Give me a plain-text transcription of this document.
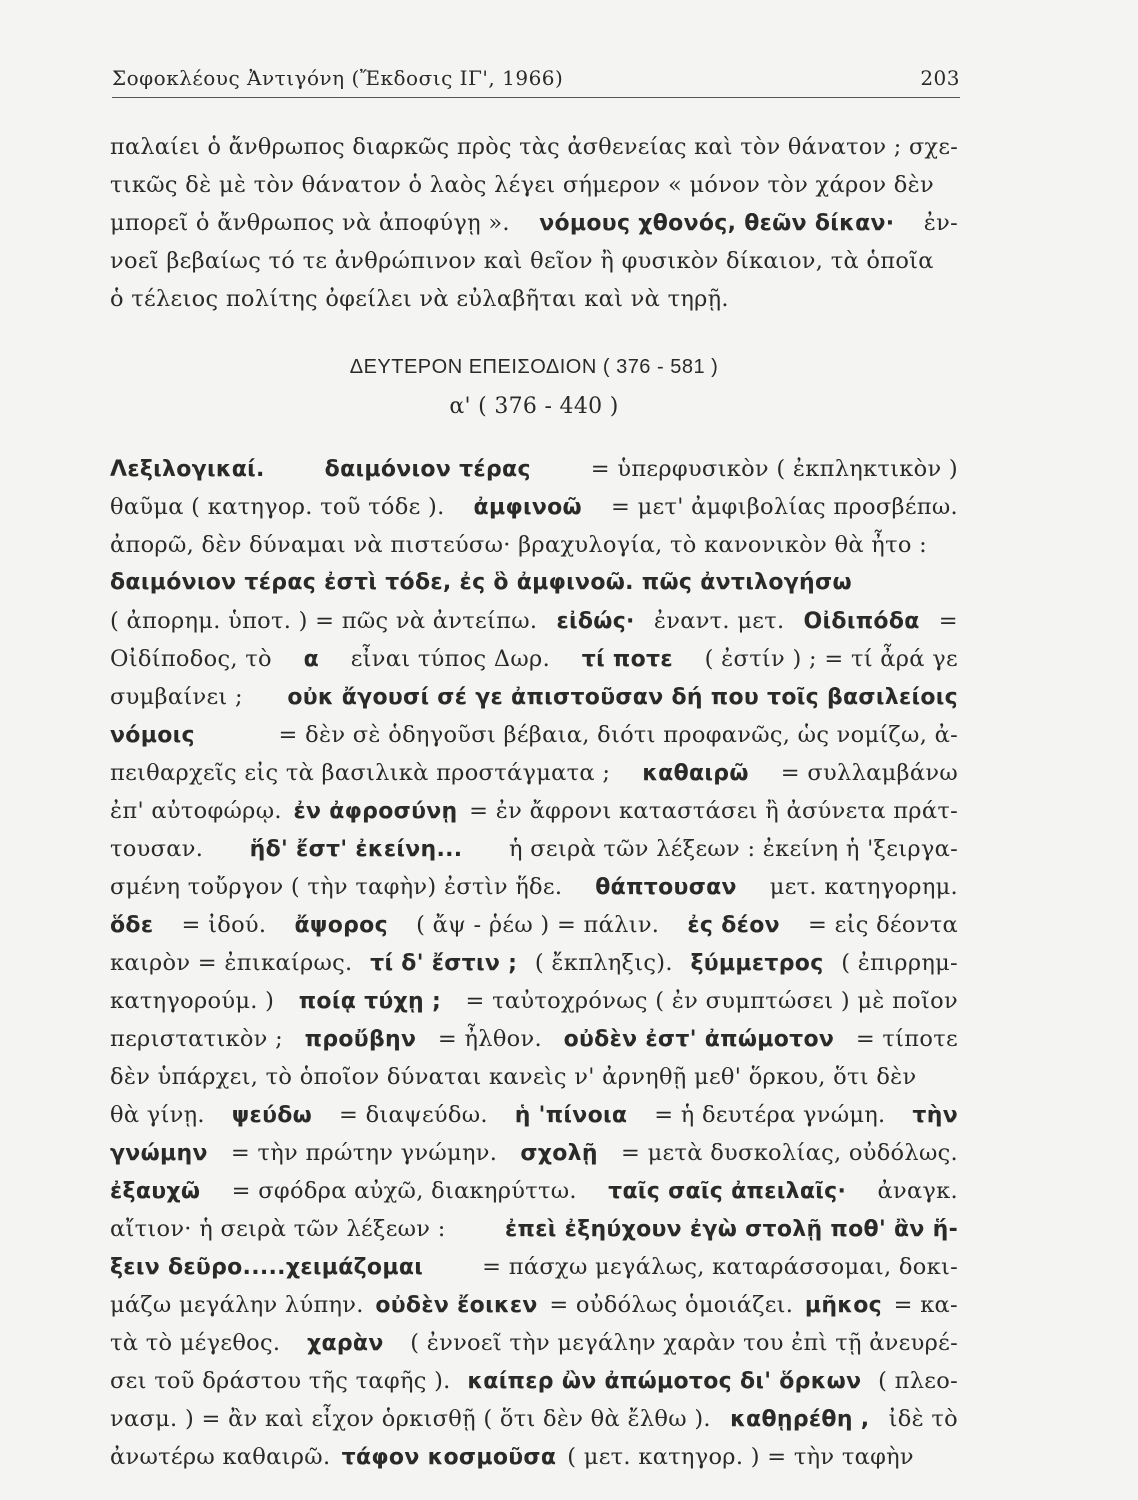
Σοφοκλέους Ἀντιγόνη (Ἔκδοσις ΙΓ', 1966)	203
παλαίει ὁ ἄνθρωπος διαρκῶς πρὸς τὰς ἀσθενείας καὶ τὸν θάνατον ; σχε-
τικῶς δὲ μὲ τὸν θάνατον ὁ λαὸς λέγει σήμερον « μόνον τὸν χάρον δὲν
μπορεῖ ὁ ἄνθρωπος νὰ ἀποφύγῃ ». νόμους χθονός, θεῶν δίκαν· ἐν-
νοεῖ βεβαίως τό τε ἀνθρώπινον καὶ θεῖον ἢ φυσικὸν δίκαιον, τὰ ὁποῖα
ὁ τέλειος πολίτης ὀφείλει νὰ εὐλαβῆται καὶ νὰ τηρῇ.
ΔΕΥΤΕΡΟΝ ΕΠΕΙΣΟΔΙΟΝ ( 376 - 581 )
α' ( 376 - 440 )
Λεξιλογικαί.	δαιμόνιον τέρας	= ὑπερφυσικὸν ( ἐκπληκτικὸν )
θαῦμα ( κατηγορ. τοῦ τόδε ). ἀμφινοῶ = μετ' ἀμφιβολίας προσβέπω.
ἀπορῶ, δὲν δύναμαι νὰ πιστεύσω· βραχυλογία, τὸ κανονικὸν θὰ ἦτο :
δαιμόνιον τέρας ἐστὶ τόδε, ἐς ὃ ἀμφινοῶ. πῶς ἀντιλογήσω
( ἀπορημ. ὑποτ. ) = πῶς νὰ ἀντείπω. εἰδώς· ἐναντ. μετ. Οἰδιπόδα =
Οἰδίποδος, τὸ α εἶναι τύπος Δωρ. τί ποτε ( ἐστίν ) ; = τί ἆρά γε
συμβαίνει ; οὐκ ἄγουσί σέ γε ἀπιστοῦσαν δή που τοῖς βασιλείοις
νόμοις	= δὲν σὲ ὁδηγοῦσι βέβαια, διότι προφανῶς, ὡς νομίζω, ἀ-
πειθαρχεῖς εἰς τὰ βασιλικὰ προστάγματα ; καθαιρῶ = συλλαμβάνω
ἐπ' αὐτοφώρῳ. ἐν ἀφροσύνῃ = ἐν ἄφρονι καταστάσει ἢ ἀσύνετα πράτ-
τουσαν. ἥδ' ἔστ' ἐκείνη... ἡ σειρὰ τῶν λέξεων : ἐκείνη ἡ 'ξειργα-
σμένη τοὔργον ( τὴν ταφὴν) ἐστὶν ἥδε. θάπτουσαν μετ. κατηγορημ.
ὅδε = ἰδού. ἄψορος ( ἄψ - ῥέω ) = πάλιν. ἐς δέον = εἰς δέοντα
καιρὸν = ἐπικαίρως. τί δ' ἔστιν ; ( ἔκπληξις). ξύμμετρος ( ἐπιρρημ-
κατηγορούμ. ) ποίᾳ τύχῃ ; = ταὐτοχρόνως ( ἐν συμπτώσει ) μὲ ποῖον
περιστατικὸν ; προὔβην = ἦλθον. οὐδὲν ἐστ' ἀπώμοτον = τίποτε
δὲν ὑπάρχει, τὸ ὁποῖον δύναται κανεὶς ν' ἀρνηθῇ μεθ' ὅρκου, ὅτι δὲν
θὰ γίνῃ. ψεύδω = διαψεύδω. ἡ 'πίνοια = ἡ δευτέρα γνώμη. τὴν
γνώμην = τὴν πρώτην γνώμην. σχολῇ = μετὰ δυσκολίας, οὐδόλως.
ἐξαυχῶ = σφόδρα αὐχῶ, διακηρύττω. ταῖς σαῖς ἀπειλαῖς· ἀναγκ.
αἴτιον· ἡ σειρὰ τῶν λέξεων :	ἐπεὶ ἐξηύχουν ἐγὼ στολῇ ποθ' ἂν ἥ-
ξειν δεῦρο.....χειμάζομαι	= πάσχω μεγάλως, καταράσσομαι, δοκι-
μάζω μεγάλην λύπην. οὐδὲν ἔοικεν = οὐδόλως ὁμοιάζει. μῆκος = κα-
τὰ τὸ μέγεθος. χαρὰν ( ἐννοεῖ τὴν μεγάλην χαρὰν του ἐπὶ τῇ ἀνευρέ-
σει τοῦ δράστου τῆς ταφῆς ). καίπερ ὢν ἀπώμοτος δι' ὅρκων ( πλεο-
νασμ. ) = ἂν καὶ εἶχον ὁρκισθῇ ( ὅτι δὲν θὰ ἔλθω ). καθῃρέθη , ἰδὲ τὸ
ἀνωτέρω καθαιρῶ. τάφον κοσμοῦσα ( μετ. κατηγορ. ) = τὴν ταφὴν
